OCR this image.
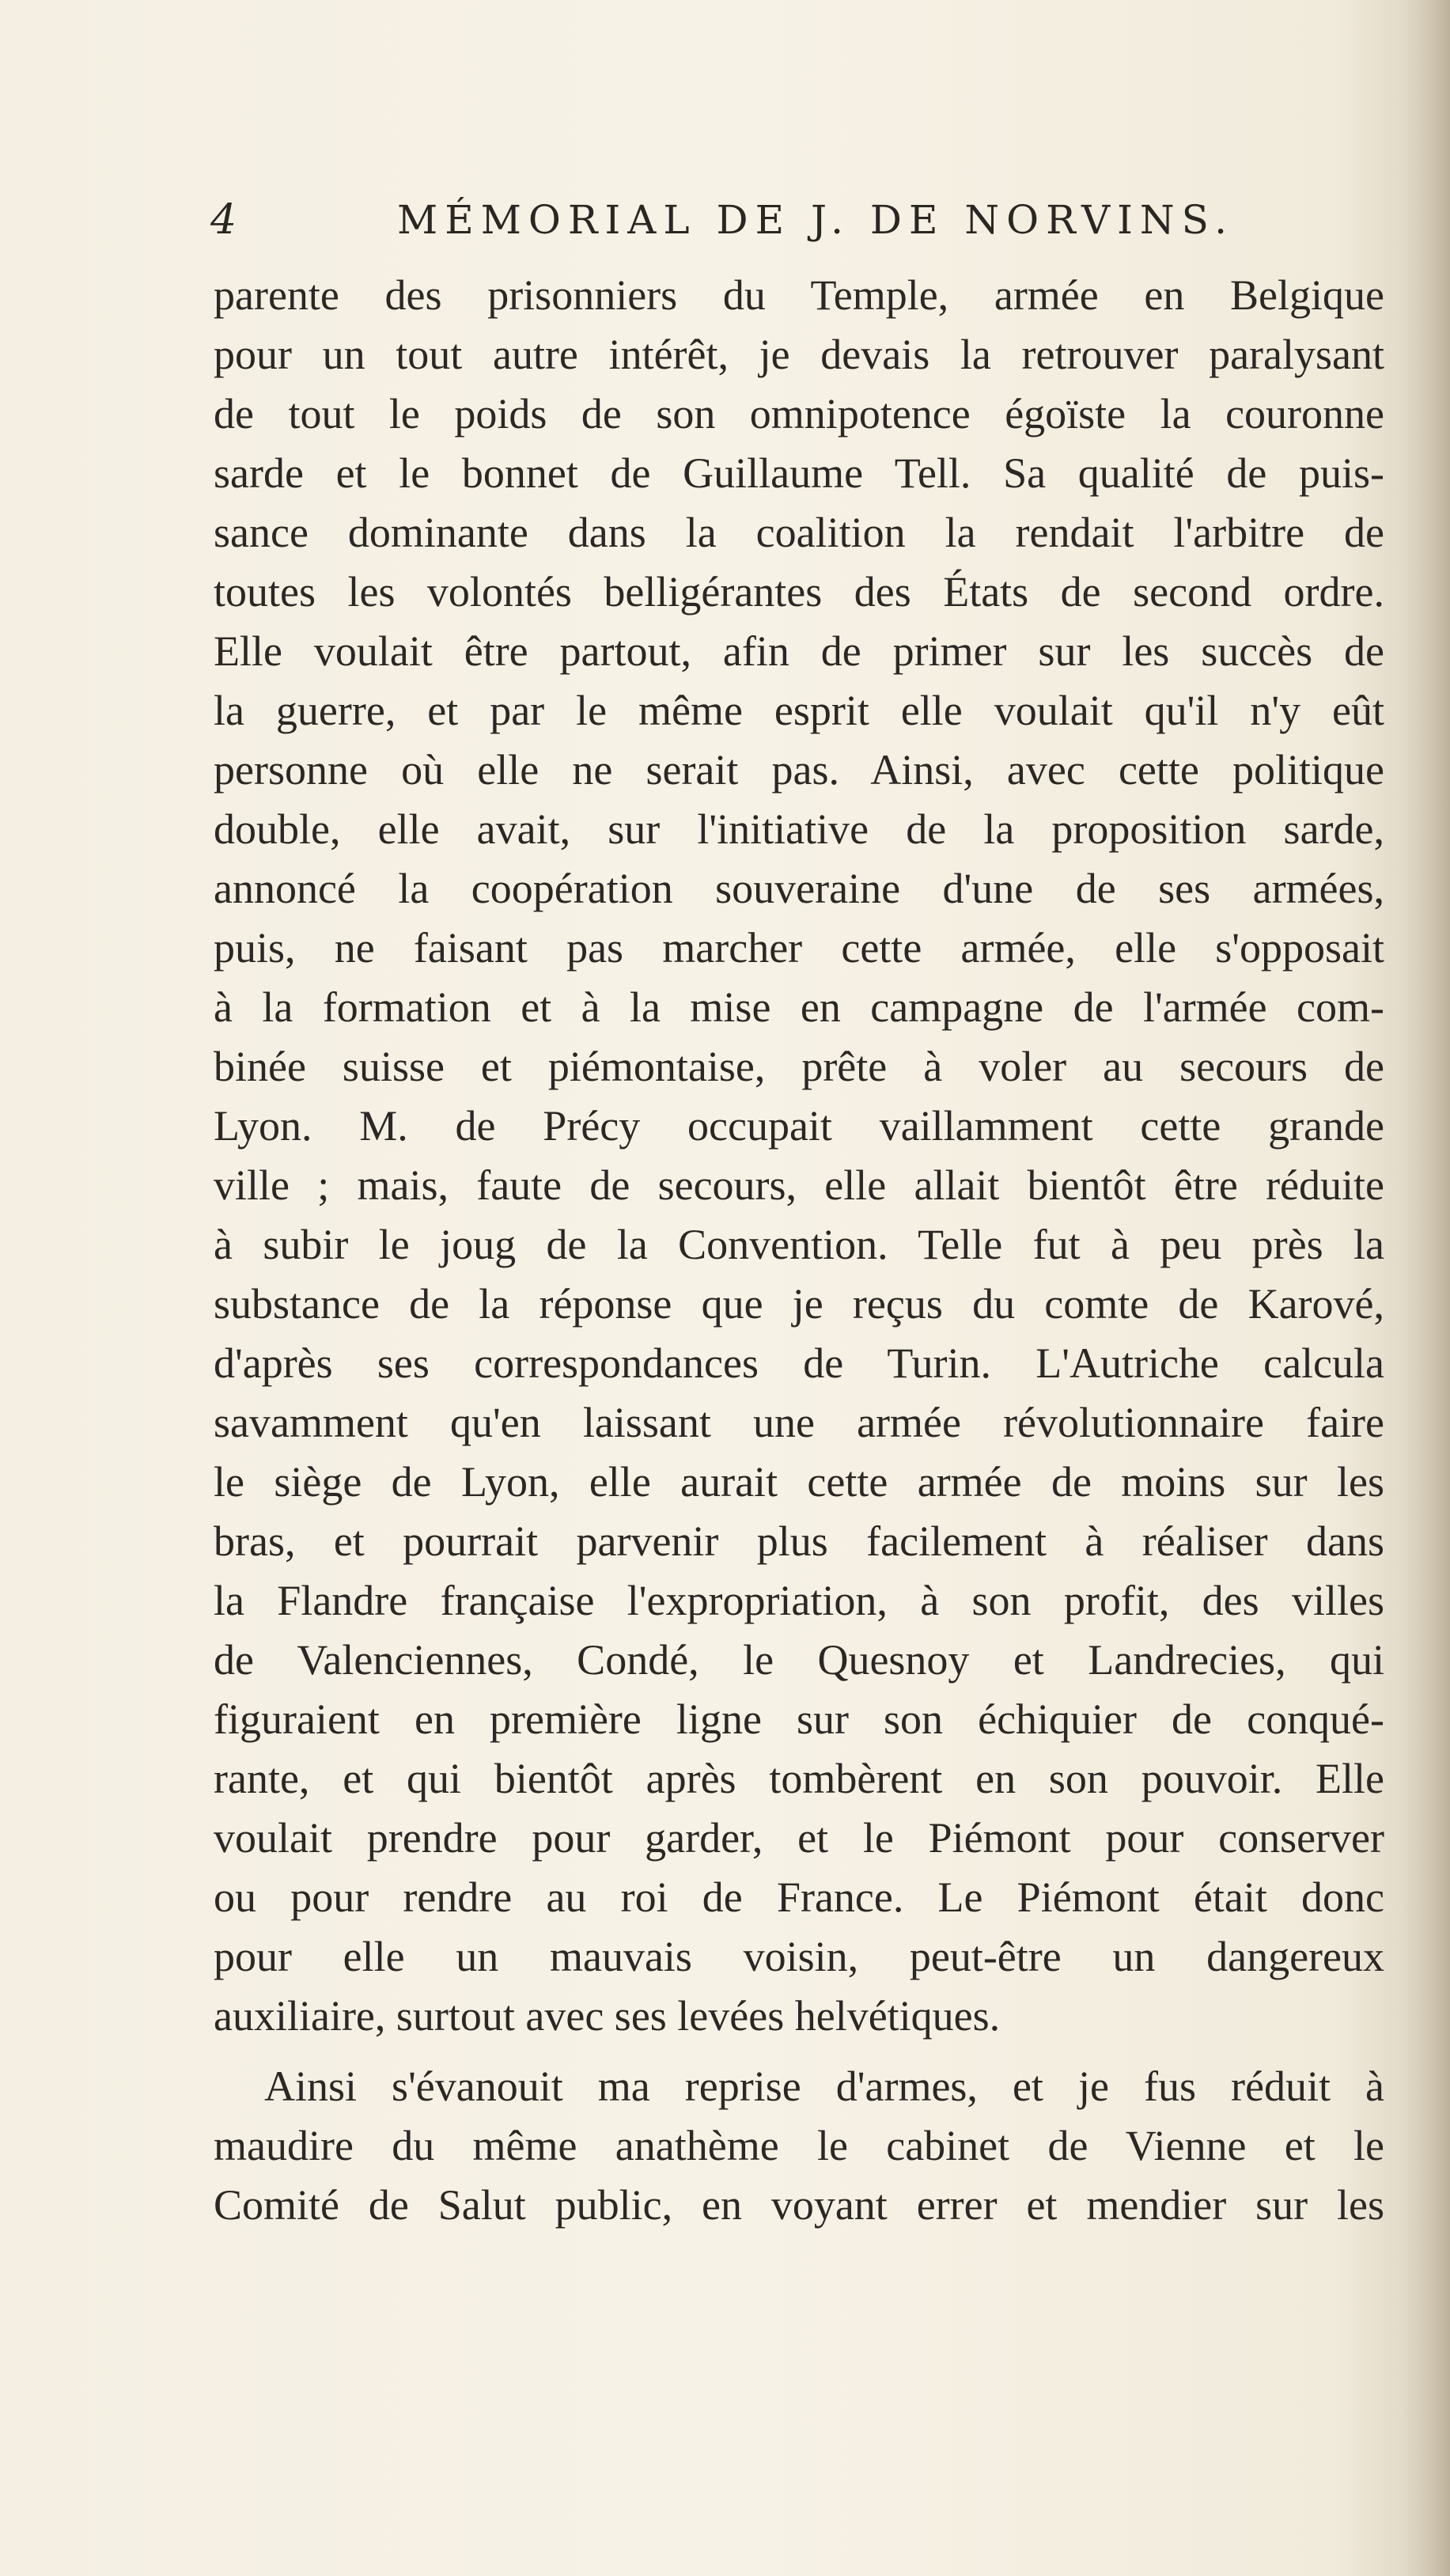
4	MÉMORIAL DE J. DE NORVINS.
parente des prisonniers du Temple, armée en Belgique
pour un tout autre intérêt, je devais la retrouver paralysant
de tout le poids de son omnipotence égoïste la couronne
sarde et le bonnet de Guillaume Tell. Sa qualité de puis-
sance dominante dans la coalition la rendait l'arbitre de
toutes les volontés belligérantes des États de second ordre.
Elle voulait être partout, afin de primer sur les succès de
la guerre, et par le même esprit elle voulait qu'il n'y eût
personne où elle ne serait pas. Ainsi, avec cette politique
double, elle avait, sur l'initiative de la proposition sarde,
annoncé la coopération souveraine d'une de ses armées,
puis, ne faisant pas marcher cette armée, elle s'opposait
à la formation et à la mise en campagne de l'armée com-
binée suisse et piémontaise, prête à voler au secours de
Lyon. M. de Précy occupait vaillamment cette grande
ville ; mais, faute de secours, elle allait bientôt être réduite
à subir le joug de la Convention. Telle fut à peu près la
substance de la réponse que je reçus du comte de Karové,
d'après ses correspondances de Turin. L'Autriche calcula
savamment qu'en laissant une armée révolutionnaire faire
le siège de Lyon, elle aurait cette armée de moins sur les
bras, et pourrait parvenir plus facilement à réaliser dans
la Flandre française l'expropriation, à son profit, des villes
de Valenciennes, Condé, le Quesnoy et Landrecies, qui
figuraient en première ligne sur son échiquier de conqué-
rante, et qui bientôt après tombèrent en son pouvoir. Elle
voulait prendre pour garder, et le Piémont pour conserver
ou pour rendre au roi de France. Le Piémont était donc
pour elle un mauvais voisin, peut-être un dangereux
auxiliaire, surtout avec ses levées helvétiques.
Ainsi s'évanouit ma reprise d'armes, et je fus réduit à
maudire du même anathème le cabinet de Vienne et le
Comité de Salut public, en voyant errer et mendier sur les
